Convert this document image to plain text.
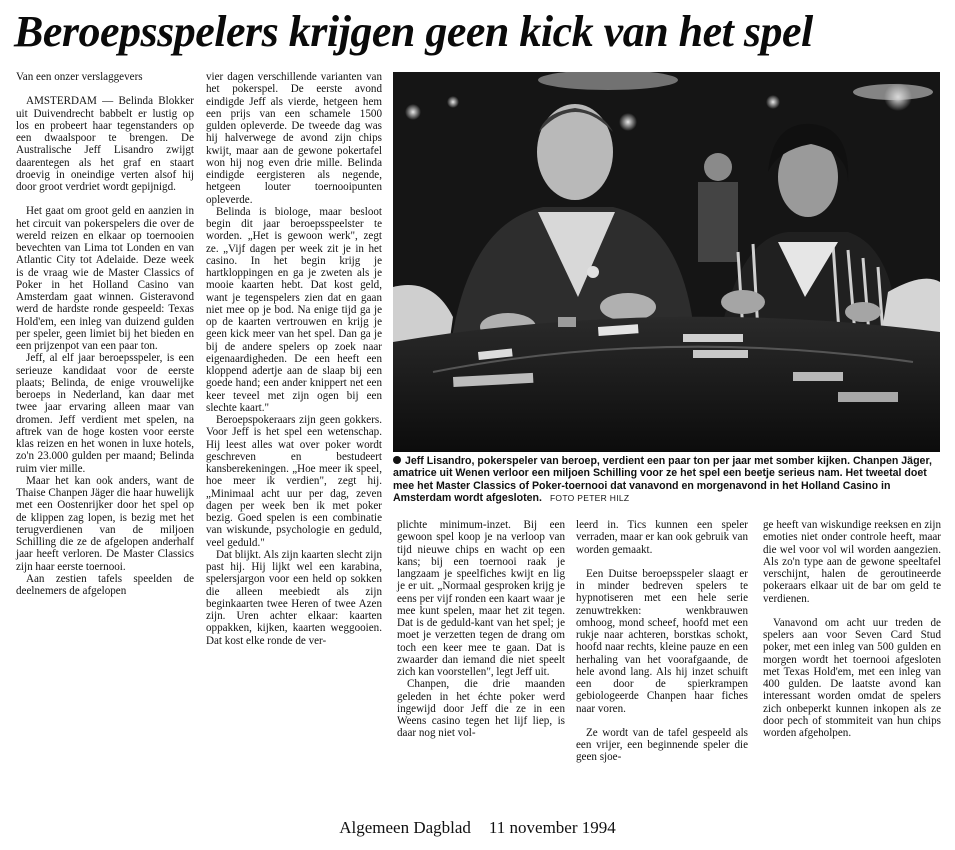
Beroepsspelers krijgen geen kick van het spel

Van een onzer verslaggevers

AMSTERDAM — Belinda Blokker uit Duivendrecht babbelt er lustig op los en probeert haar tegenstanders op een dwaalspoor te brengen. De Australische Jeff Lisandro zwijgt daarentegen als het graf en staart droevig in oneindige verten alsof hij door groot verdriet wordt gepijnigd.

Het gaat om groot geld en aanzien in het circuit van pokerspelers die over de wereld reizen en elkaar op toernooien bevechten van Lima tot Londen en van Atlantic City tot Adelaide. Deze week is de vraag wie de Master Classics of Poker in het Holland Casino van Amsterdam gaat winnen. Gisteravond werd de hardste ronde gespeeld: Texas Hold'em, een inleg van duizend gulden per speler, geen limiet bij het bieden en een prijzenpot van een paar ton.

Jeff, al elf jaar beroepsspeler, is een serieuze kandidaat voor de eerste plaats; Belinda, de enige vrouwelijke beroeps in Nederland, kan daar met twee jaar ervaring alleen maar van dromen. Jeff verdient met spelen, na aftrek van de hoge kosten voor eerste klas reizen en het wonen in luxe hotels, zo'n 23.000 gulden per maand; Belinda ruim vier mille.

Maar het kan ook anders, want de Thaise Chanpen Jäger die haar huwelijk met een Oostenrijker door het spel op de klippen zag lopen, is bezig met het terugverdienen van de miljoen Schilling die ze de afgelopen anderhalf jaar heeft verloren. De Master Classics zijn haar eerste toernooi.

Aan zestien tafels speelden de deelnemers de afgelopen

vier dagen verschillende varianten van het pokerspel. De eerste avond eindigde Jeff als vierde, hetgeen hem een prijs van een schamele 1500 gulden opleverde. De tweede dag was hij halverwege de avond zijn chips kwijt, maar aan de gewone pokertafel won hij nog even drie mille. Belinda eindigde eergisteren als negende, hetgeen louter toernooipunten opleverde.

Belinda is biologe, maar besloot begin dit jaar beroepsspeelster te worden. „Het is gewoon werk", zegt ze. „Vijf dagen per week zit je in het casino. In het begin krijg je hartkloppingen en ga je zweten als je mooie kaarten hebt. Dat kost geld, want je tegenspelers zien dat en gaan niet mee op je bod. Na enige tijd ga je op de kaarten vertrouwen en krijg je geen kick meer van het spel. Dan ga je bij de andere spelers op zoek naar eigenaardigheden. De een heeft een kloppend adertje aan de slaap bij een goede hand; een ander knippert net een keer teveel met zijn ogen bij een slechte kaart."

Beroepspokeraars zijn geen gokkers. Voor Jeff is het spel een wetenschap. Hij leest alles wat over poker wordt geschreven en bestudeert kansberekeningen. „Hoe meer ik speel, hoe meer ik verdien", zegt hij. „Minimaal acht uur per dag, zeven dagen per week ben ik met poker bezig. Goed spelen is een combinatie van wiskunde, psychologie en geduld, veel geduld."

Dat blijkt. Als zijn kaarten slecht zijn past hij. Hij lijkt wel een karabina, spelersjargon voor een held op sokken die alleen meebiedt als zijn beginkaarten twee Heren of twee Azen zijn. Uren achter elkaar: kaarten oppakken, kijken, kaarten weggooien. Dat kost elke ronde de ver-

Jeff Lisandro, pokerspeler van beroep, verdient een paar ton per jaar met somber kijken. Chanpen Jäger, amatrice uit Wenen verloor een miljoen Schilling voor ze het spel een beetje serieus nam. Het tweetal doet mee het Master Classics of Poker-toernooi dat vanavond en morgenavond in het Holland Casino in Amsterdam wordt afgesloten. FOTO PETER HILZ

plichte minimum-inzet. Bij een gewoon spel koop je na verloop van tijd nieuwe chips en wacht op een kans; bij een toernooi raak je langzaam je speelfiches kwijt en lig je er uit. „Normaal gesproken krijg je eens per vijf ronden een kaart waar je mee kunt spelen, maar het zit tegen. Dat is de geduld-kant van het spel; je moet je verzetten tegen de drang om toch een keer mee te gaan. Dat is zwaarder dan iemand die niet speelt zich kan voorstellen", legt Jeff uit.

Chanpen, die drie maanden geleden in het échte poker werd ingewijd door Jeff die ze in een Weens casino tegen het lijf liep, is daar nog niet vol-

leerd in. Tics kunnen een speler verraden, maar er kan ook gebruik van worden gemaakt.

Een Duitse beroepsspeler slaagt er in minder bedreven spelers te hypnotiseren met een hele serie zenuwtrekken: wenkbrauwen omhoog, mond scheef, hoofd met een rukje naar achteren, borstkas schokt, hoofd naar rechts, kleine pauze en een herhaling van het voorafgaande, de hele avond lang. Als hij inzet schuift een door de spierkrampen gebiologeerde Chanpen haar fiches naar voren.

Ze wordt van de tafel gespeeld als een vrijer, een beginnende speler die geen sjoe-

ge heeft van wiskundige reeksen en zijn emoties niet onder controle heeft, maar die wel voor vol wil worden aangezien. Als zo'n type aan de gewone speeltafel verschijnt, halen de geroutineerde pokeraars elkaar uit de bar om geld te verdienen.

Vanavond om acht uur treden de spelers aan voor Seven Card Stud poker, met een inleg van 500 gulden en morgen wordt het toernooi afgesloten met Texas Hold'em, met een inleg van 400 gulden. De laatste avond kan interessant worden omdat de spelers zich onbeperkt kunnen inkopen als ze door pech of stommiteit van hun chips worden afgeholpen.

Algemeen Dagblad 11 november 1994
